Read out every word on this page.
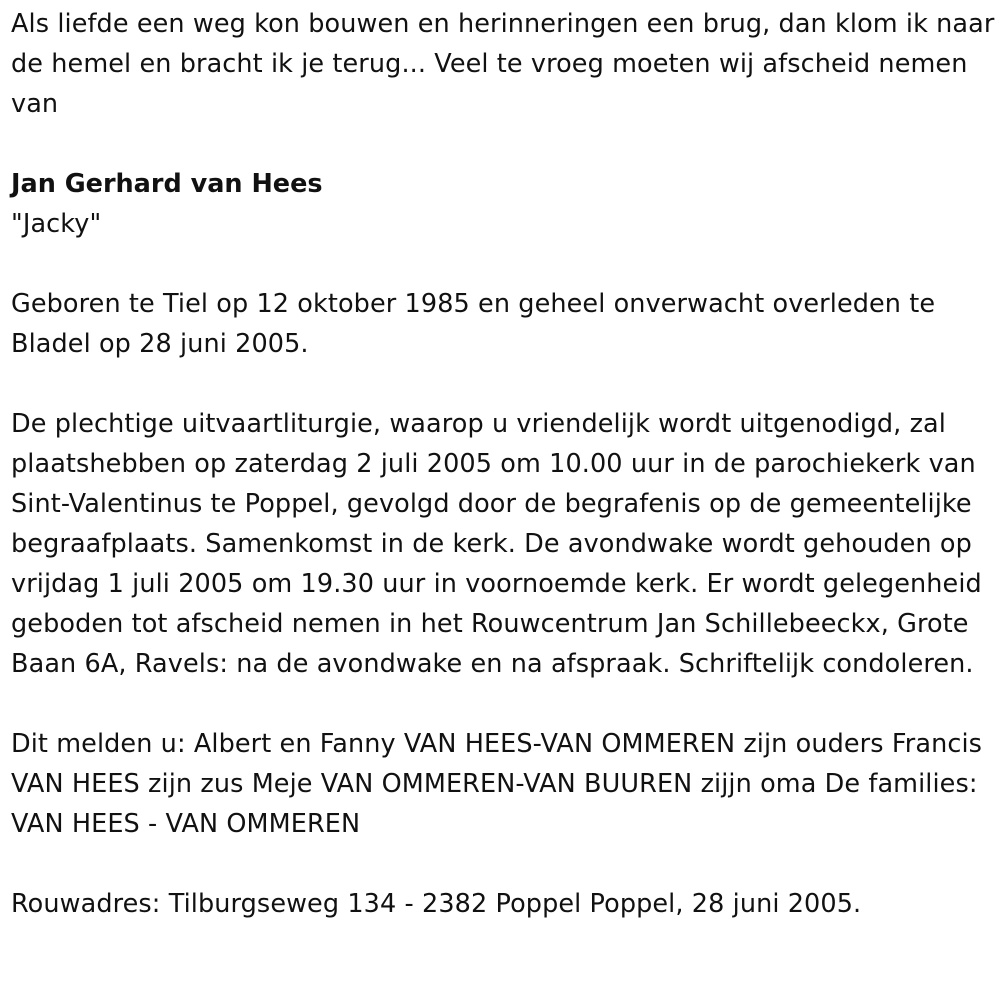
Als liefde een weg kon bouwen en herinneringen een brug, dan klom ik naar de hemel en bracht ik je terug... Veel te vroeg moeten wij afscheid nemen van

Jan Gerhard van Hees

"Jacky"

Geboren te Tiel op 12 oktober 1985 en geheel onverwacht overleden te Bladel op 28 juni 2005.

De plechtige uitvaartliturgie, waarop u vriendelijk wordt uitgenodigd, zal plaatshebben op zaterdag 2 juli 2005 om 10.00 uur in de parochiekerk van Sint-Valentinus te Poppel, gevolgd door de begrafenis op de gemeentelijke begraafplaats. Samenkomst in de kerk. De avondwake wordt gehouden op vrijdag 1 juli 2005 om 19.30 uur in voornoemde kerk. Er wordt gelegenheid geboden tot afscheid nemen in het Rouwcentrum Jan Schillebeeckx, Grote Baan 6A, Ravels: na de avondwake en na afspraak. Schriftelijk condoleren.

Dit melden u: Albert en Fanny VAN HEES-VAN OMMEREN zijn ouders Francis VAN HEES zijn zus Meje VAN OMMEREN-VAN BUUREN zijjn oma De families: VAN HEES - VAN OMMEREN

Rouwadres: Tilburgseweg 134 - 2382 Poppel Poppel, 28 juni 2005.
